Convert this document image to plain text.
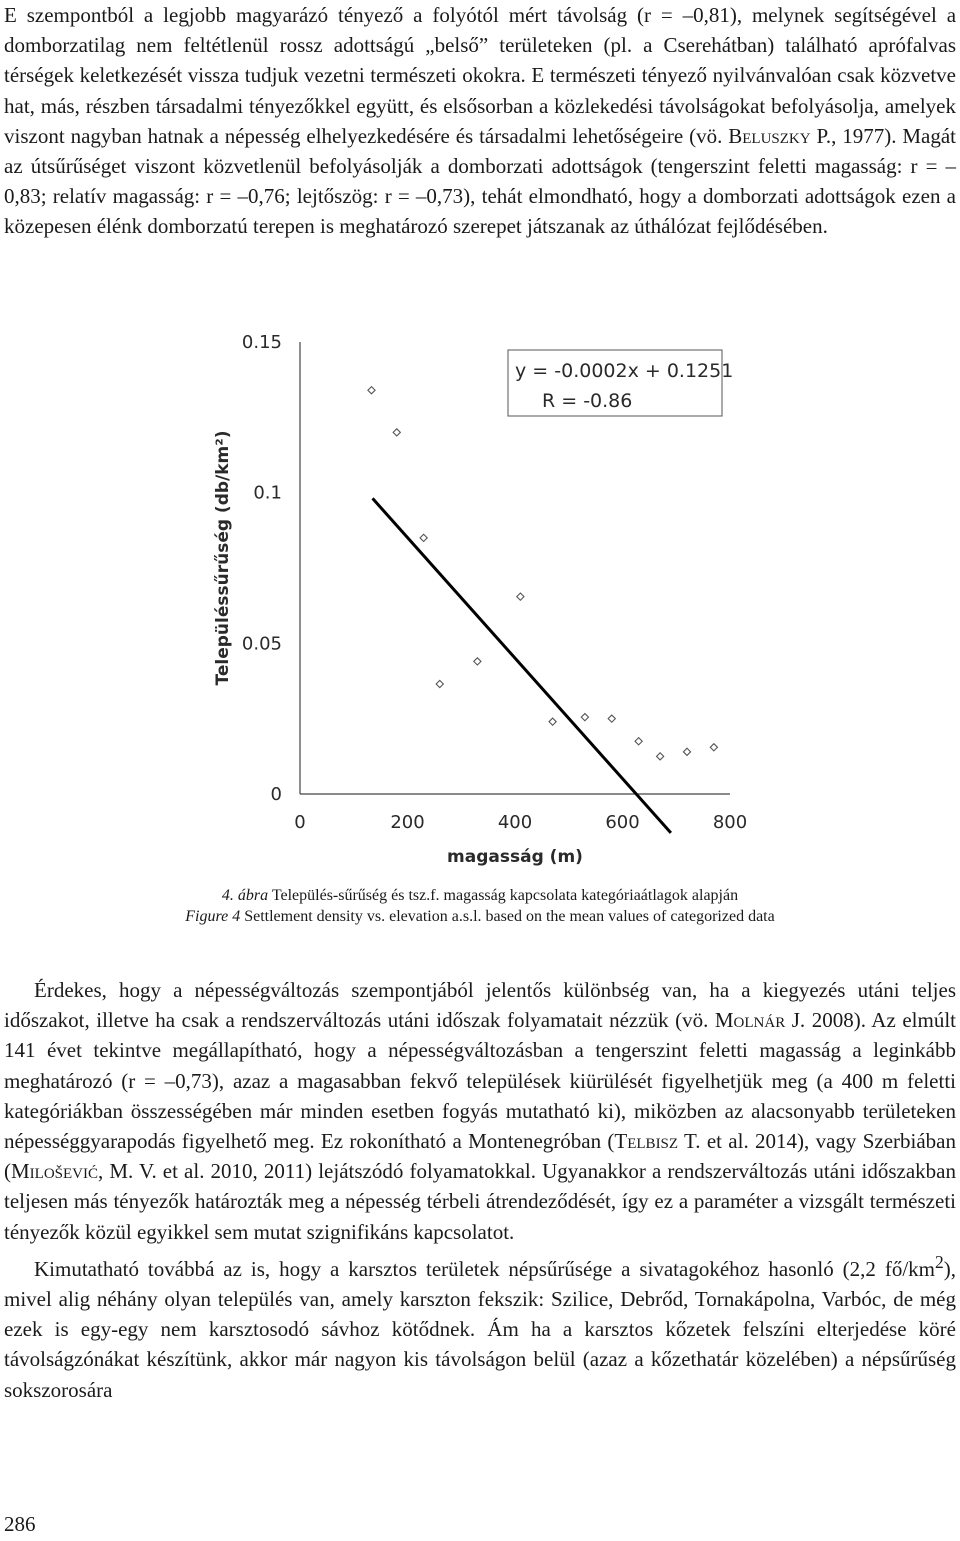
E szempontból a legjobb magyarázó tényező a folyótól mért távolság (r = –0,81), melynek segítségével a domborzatilag nem feltétlenül rossz adottságú „belső” területeken (pl. a Cserehátban) található aprófalvas térségek keletkezését vissza tudjuk vezetni természeti okokra. E természeti tényező nyilvánvalóan csak közvetve hat, más, részben társadalmi tényezőkkel együtt, és elsősorban a közlekedési távolságokat befolyásolja, amelyek viszont nagyban hatnak a népesség elhelyezkedésére és társadalmi lehetőségeire (vö. Beluszky P., 1977). Magát az útsűrűséget viszont közvetlenül befolyásolják a domborzati adottságok (tengerszint feletti magasság: r = –0,83; relatív magasság: r = –0,76; lejtőszög: r = –0,73), tehát elmondható, hogy a domborzati adottságok ezen a közepesen élénk domborzatú terepen is meghatározó szerepet játszanak az úthálózat fejlődésében.

0
0.05
0.1
0.15
0	200	400	600	800
y = -0.0002x + 0.1251
R = -0.86
magasság (m)
Településsűrűség (db/km²)
4. ábra Település-sűrűség és tsz.f. magasság kapcsolata kategóriaátlagok alapján
Figure 4 Settlement density vs. elevation a.s.l. based on the mean values of categorized data

Érdekes, hogy a népességváltozás szempontjából jelentős különbség van, ha a kiegyezés utáni teljes időszakot, illetve ha csak a rendszerváltozás utáni időszak folyamatait nézzük (vö. Molnár J. 2008). Az elmúlt 141 évet tekintve megállapítható, hogy a népességváltozásban a tengerszint feletti magasság a leginkább meghatározó (r = –0,73), azaz a magasabban fekvő települések kiürülését figyelhetjük meg (a 400 m feletti kategóriákban összességében már minden esetben fogyás mutatható ki), miközben az alacsonyabb területeken népességgyarapodás figyelhető meg. Ez rokonítható a Montenegróban (Telbisz T. et al. 2014), vagy Szerbiában (Milošević, M. V. et al. 2010, 2011) lejátszódó folyamatokkal. Ugyanakkor a rendszerváltozás utáni időszakban teljesen más tényezők határozták meg a népesség térbeli átrendeződését, így ez a paraméter a vizsgált természeti tényezők közül egyikkel sem mutat szignifikáns kapcsolatot.

Kimutatható továbbá az is, hogy a karsztos területek népsűrűsége a sivatagokéhoz hasonló (2,2 $fő/km^2$), mivel alig néhány olyan település van, amely karszton fekszik: Szilice, Debrőd, Tornakápolna, Varbóc, de még ezek is egy-egy nem karsztosodó sávhoz kötődnek. Ám ha a karsztos kőzetek felszíni elterjedése köré távolságzónákat készítünk, akkor már nagyon kis távolságon belül (azaz a kőzethatár közelében) a népsűrűség sokszorosára

286
